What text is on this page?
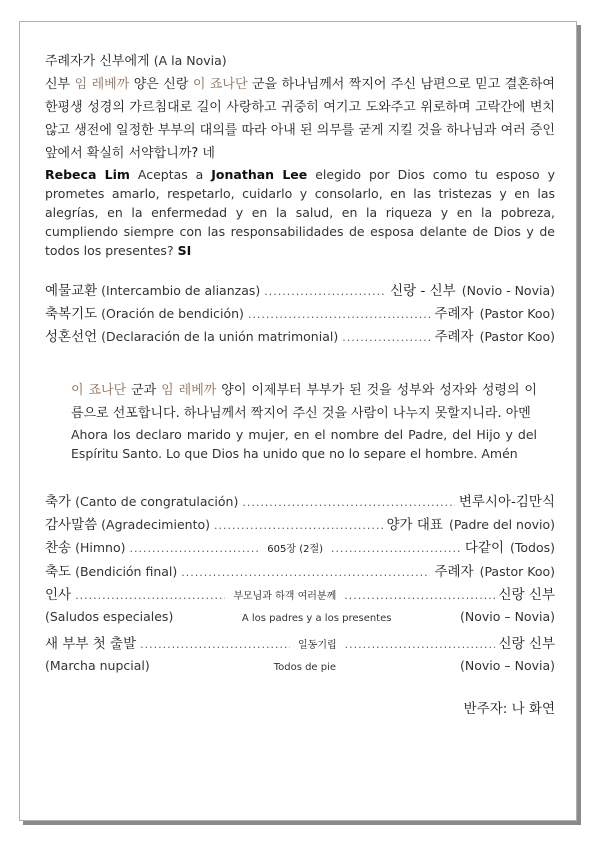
주례자가 신부에게 (A la Novia)
신부 임 레베까 양은 신랑 이 죠나단 군을 하나님께서 짝지어 주신 남편으로 믿고 결혼하여 한평생 성경의 가르침대로 길이 사랑하고 귀중히 여기고 도와주고 위로하며 고락간에 변치 않고 생전에 일정한 부부의 대의를 따라 아내 된 의무를 굳게 지킬 것을 하나님과 여러 증인 앞에서 확실히 서약합니까? 네
Rebeca Lim Aceptas a Jonathan Lee elegido por Dios como tu esposo y prometes amarlo, respetarlo, cuidarlo y consolarlo, en las tristezas y en las alegrías, en la enfermedad y en la salud, en la riqueza y en la pobreza, cumpliendo siempre con las responsabilidades de esposa delante de Dios y de todos los presentes? SI
예물교환 (Intercambio de alianzas) .....	신랑 - 신부 (Novio - Novia)
축복기도 (Oración de bendición) .....	주례자 (Pastor Koo)
성혼선언 (Declaración de la unión matrimonial) .....	주례자 (Pastor Koo)
이 죠나단 군과 임 레베까 양이 이제부터 부부가 된 것을 성부와 성자와 성령의 이름으로 선포합니다. 하나님께서 짝지어 주신 것을 사람이 나누지 못할지니라. 아멘
Ahora los declaro marido y mujer, en el nombre del Padre, del Hijo y del Espíritu Santo. Lo que Dios ha unido que no lo separe el hombre. Amén
축가 (Canto de congratulación) .....	변루시아-김만식
감사말씀 (Agradecimiento) .....	양가 대표 (Padre del novio)
찬송 (Himno) .....	605장 (2절) .....	다같이 (Todos)
축도 (Bendición final) .....	주례자 (Pastor Koo)
인사 .....	부모님과 하객 여러분께 .....	신랑 신부
(Saludos especiales)	A los padres y a los presentes	(Novio – Novia)
새 부부 첫 출발 .....	일동기립 .....	신랑 신부
(Marcha nupcial)	Todos de pie	(Novio – Novia)
반주자: 나 화연
